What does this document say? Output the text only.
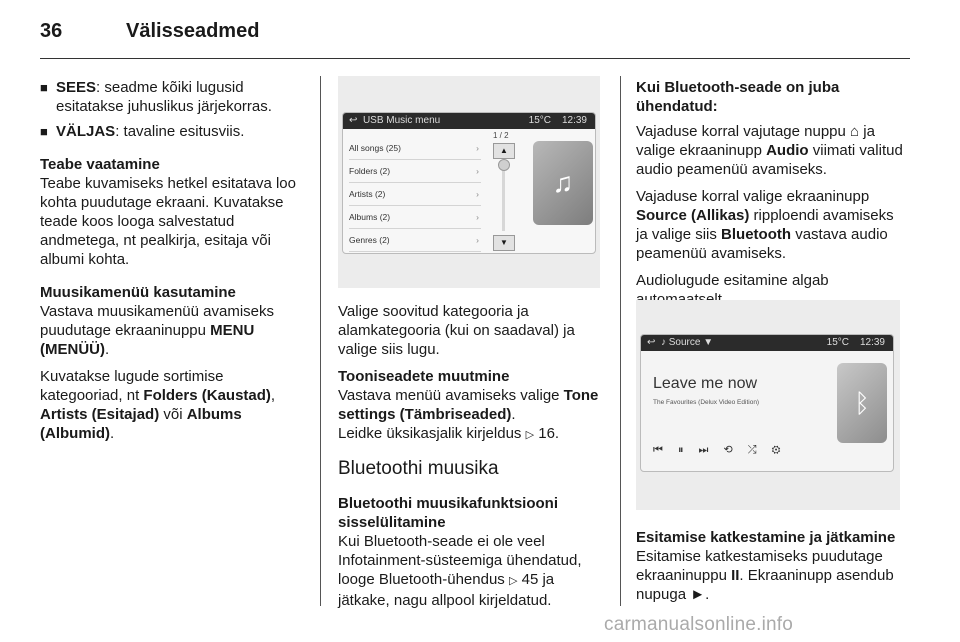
36	Välisseadmed
■ SEES: seadme kõiki lugusid esitatakse juhuslikus järjekorras.
■ VÄLJAS: tavaline esitusviis.

Teabe vaatamine

Teabe kuvamiseks hetkel esitatava loo kohta puudutage ekraani. Kuvatakse teade koos looga salvestatud andmetega, nt pealkirja, esitaja või albumi kohta.

Muusikamenüü kasutamine

Vastava muusikamenüü avamiseks puudutage ekraaninuppu MENU (MENÜÜ).

Kuvatakse lugude sortimise kategooriad, nt Folders (Kaustad), Artists (Esitajad) või Albums (Albumid).

↩ USB Music menu	15°C 12:39
All songs (25)	›
Folders (2)	›
Artists (2)	›
Albums (2)	›
Genres (2)	›
1 / 2
▲
▼
♫

Valige soovitud kategooria ja alamkategooria (kui on saadaval) ja valige siis lugu.

Tooniseadete muutmine

Vastava menüü avamiseks valige Tone settings (Tämbriseaded).
Leidke üksikasjalik kirjeldus ▷ 16.

Bluetoothi muusika

Bluetoothi muusikafunktsiooni sisselülitamine

Kui Bluetooth-seade ei ole veel Infotainment-süsteemiga ühendatud, looge Bluetooth-ühendus ▷ 45 ja jätkake, nagu allpool kirjeldatud.

Kui Bluetooth-seade on juba ühendatud:

Vajaduse korral vajutage nuppu ⌂ ja valige ekraaninupp Audio viimati valitud audio peamenüü avamiseks.

Vajaduse korral valige ekraaninupp Source (Allikas) ripploendi avamiseks ja valige siis Bluetooth vastava audio peamenüü avamiseks.

Audiolugude esitamine algab

↩ ♪ Source ▼	15°C 12:39
Leave me now
The Favourites (Delux Video Edition)
⏮ ⏸ ⏭ ⟲ ⤮ ⚙
ᛒ

Esitamise katkestamine ja jätkamine

Esitamise katkestamiseks puudutage ekraaninuppu II. Ekraaninupp asendub nupuga ►.

carmanualsonline.info
